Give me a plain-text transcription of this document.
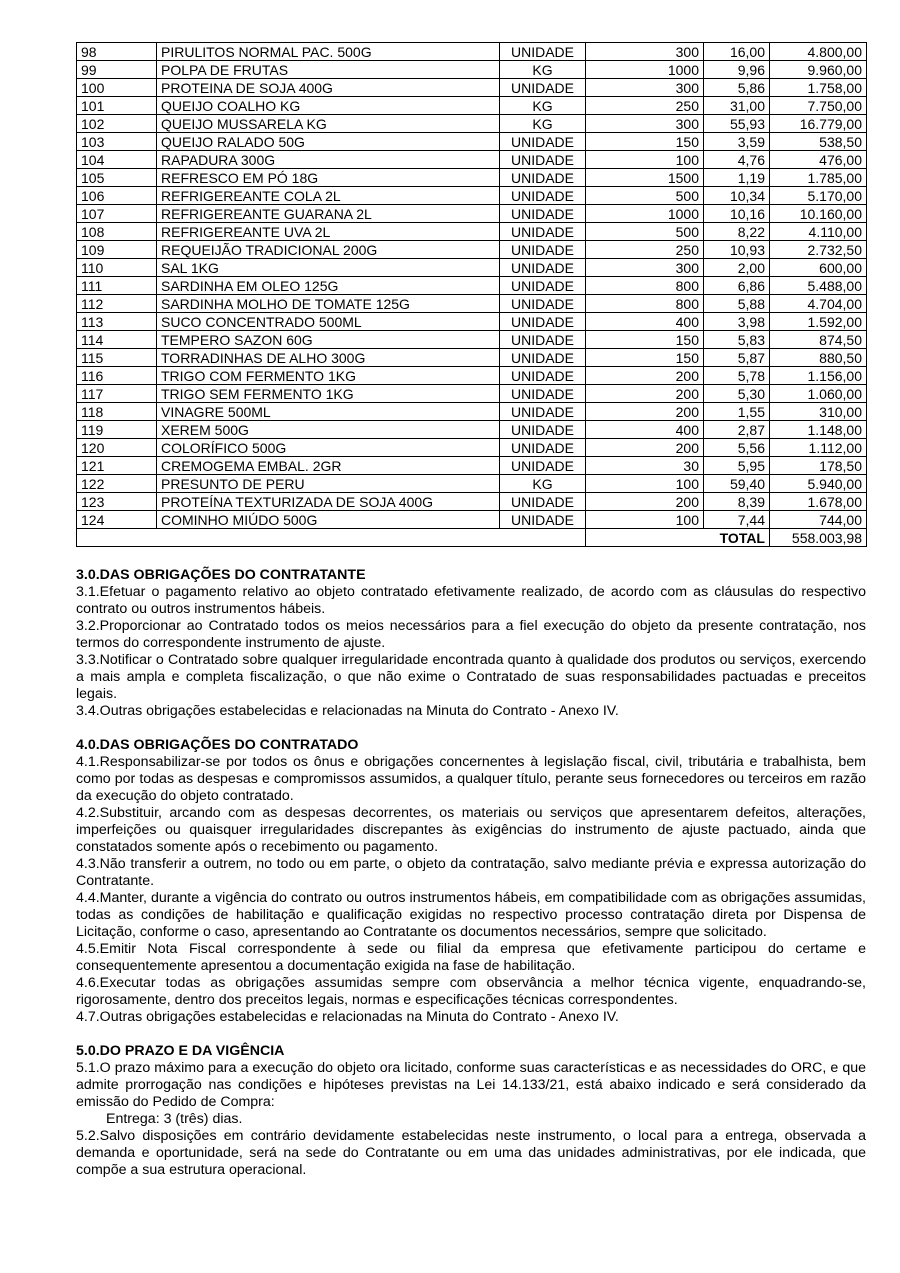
98	PIRULITOS NORMAL PAC. 500G	UNIDADE	300	16,00	4.800,00
99	POLPA DE FRUTAS	KG	1000	9,96	9.960,00
100	PROTEINA DE SOJA 400G	UNIDADE	300	5,86	1.758,00
101	QUEIJO COALHO KG	KG	250	31,00	7.750,00
102	QUEIJO MUSSARELA KG	KG	300	55,93	16.779,00
103	QUEIJO RALADO 50G	UNIDADE	150	3,59	538,50
104	RAPADURA 300G	UNIDADE	100	4,76	476,00
105	REFRESCO EM PÓ 18G	UNIDADE	1500	1,19	1.785,00
106	REFRIGEREANTE COLA 2L	UNIDADE	500	10,34	5.170,00
107	REFRIGEREANTE GUARANA 2L	UNIDADE	1000	10,16	10.160,00
108	REFRIGEREANTE UVA 2L	UNIDADE	500	8,22	4.110,00
109	REQUEIJÃO TRADICIONAL 200G	UNIDADE	250	10,93	2.732,50
110	SAL 1KG	UNIDADE	300	2,00	600,00
111	SARDINHA EM OLEO 125G	UNIDADE	800	6,86	5.488,00
112	SARDINHA MOLHO DE TOMATE 125G	UNIDADE	800	5,88	4.704,00
113	SUCO CONCENTRADO 500ML	UNIDADE	400	3,98	1.592,00
114	TEMPERO SAZON 60G	UNIDADE	150	5,83	874,50
115	TORRADINHAS DE ALHO 300G	UNIDADE	150	5,87	880,50
116	TRIGO COM FERMENTO 1KG	UNIDADE	200	5,78	1.156,00
117	TRIGO SEM FERMENTO 1KG	UNIDADE	200	5,30	1.060,00
118	VINAGRE 500ML	UNIDADE	200	1,55	310,00
119	XEREM 500G	UNIDADE	400	2,87	1.148,00
120	COLORÍFICO 500G	UNIDADE	200	5,56	1.112,00
121	CREMOGEMA EMBAL. 2GR	UNIDADE	30	5,95	178,50
122	PRESUNTO DE PERU	KG	100	59,40	5.940,00
123	PROTEÍNA TEXTURIZADA DE SOJA 400G	UNIDADE	200	8,39	1.678,00
124	COMINHO MIÚDO 500G	UNIDADE	100	7,44	744,00
				TOTAL	558.003,98
3.0.DAS OBRIGAÇÕES DO CONTRATANTE

3.1.Efetuar o pagamento relativo ao objeto contratado efetivamente realizado, de acordo com as cláusulas do respectivo contrato ou outros instrumentos hábeis.

3.2.Proporcionar ao Contratado todos os meios necessários para a fiel execução do objeto da presente contratação, nos termos do correspondente instrumento de ajuste.

3.3.Notificar o Contratado sobre qualquer irregularidade encontrada quanto à qualidade dos produtos ou serviços, exercendo a mais ampla e completa fiscalização, o que não exime o Contratado de suas responsabilidades pactuadas e preceitos legais.

3.4.Outras obrigações estabelecidas e relacionadas na Minuta do Contrato - Anexo IV.

4.0.DAS OBRIGAÇÕES DO CONTRATADO

4.1.Responsabilizar-se por todos os ônus e obrigações concernentes à legislação fiscal, civil, tributária e trabalhista, bem como por todas as despesas e compromissos assumidos, a qualquer título, perante seus fornecedores ou terceiros em razão da execução do objeto contratado.

4.2.Substituir, arcando com as despesas decorrentes, os materiais ou serviços que apresentarem defeitos, alterações, imperfeições ou quaisquer irregularidades discrepantes às exigências do instrumento de ajuste pactuado, ainda que constatados somente após o recebimento ou pagamento.

4.3.Não transferir a outrem, no todo ou em parte, o objeto da contratação, salvo mediante prévia e expressa autorização do Contratante.

4.4.Manter, durante a vigência do contrato ou outros instrumentos hábeis, em compatibilidade com as obrigações assumidas, todas as condições de habilitação e qualificação exigidas no respectivo processo contratação direta por Dispensa de Licitação, conforme o caso, apresentando ao Contratante os documentos necessários, sempre que solicitado.

4.5.Emitir Nota Fiscal correspondente à sede ou filial da empresa que efetivamente participou do certame e consequentemente apresentou a documentação exigida na fase de habilitação.

4.6.Executar todas as obrigações assumidas sempre com observância a melhor técnica vigente, enquadrando-se, rigorosamente, dentro dos preceitos legais, normas e especificações técnicas correspondentes.

4.7.Outras obrigações estabelecidas e relacionadas na Minuta do Contrato - Anexo IV.

5.0.DO PRAZO E DA VIGÊNCIA

5.1.O prazo máximo para a execução do objeto ora licitado, conforme suas características e as necessidades do ORC, e que admite prorrogação nas condições e hipóteses previstas na Lei 14.133/21, está abaixo indicado e será considerado da emissão do Pedido de Compra:

Entrega: 3 (três) dias.

5.2.Salvo disposições em contrário devidamente estabelecidas neste instrumento, o local para a entrega, observada a demanda e oportunidade, será na sede do Contratante ou em uma das unidades administrativas, por ele indicada, que compõe a sua estrutura operacional.
